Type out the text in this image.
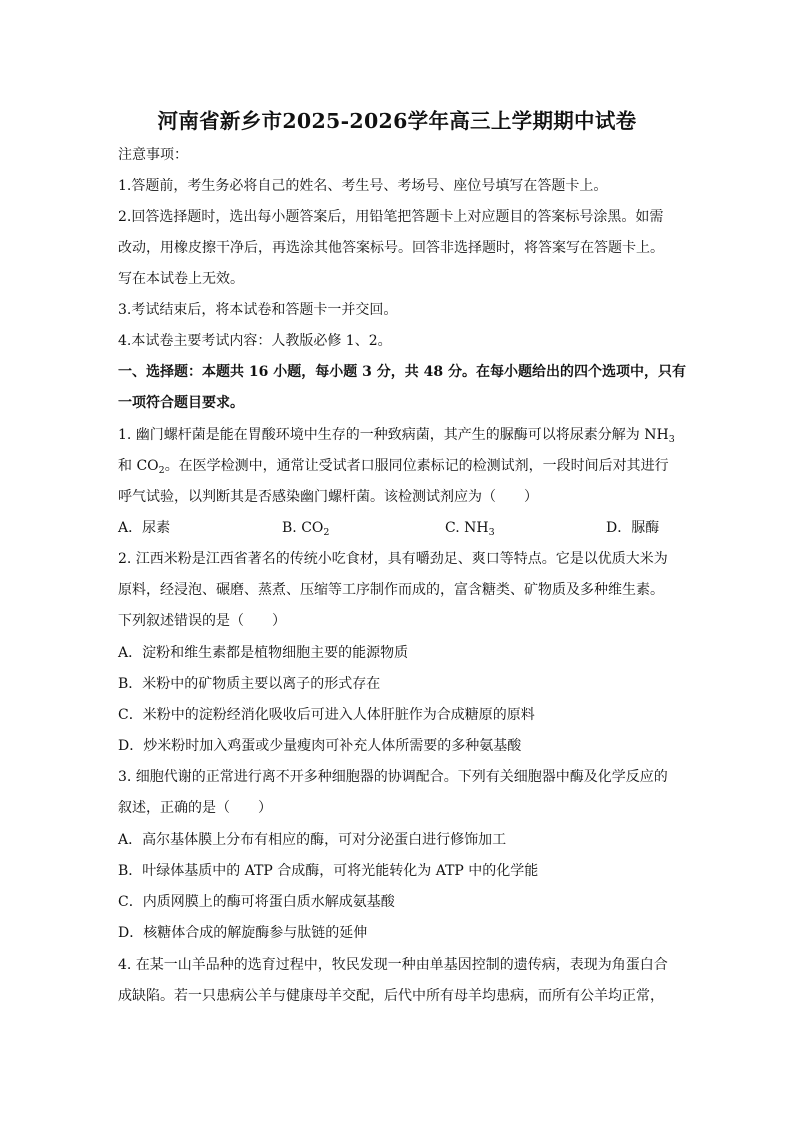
河南省新乡市2025-2026学年高三上学期期中试卷
注意事项：
1.答题前，考生务必将自己的姓名、考生号、考场号、座位号填写在答题卡上。
2.回答选择题时，选出每小题答案后，用铅笔把答题卡上对应题目的答案标号涂黑。如需
改动，用橡皮擦干净后，再选涂其他答案标号。回答非选择题时，将答案写在答题卡上。
写在本试卷上无效。
3.考试结束后，将本试卷和答题卡一并交回。
4.本试卷主要考试内容：人教版必修 1、2。
一、选择题：本题共 16 小题，每小题 3 分，共 48 分。在每小题给出的四个选项中，只有
一项符合题目要求。
1. 幽门螺杆菌是能在胃酸环境中生存的一种致病菌，其产生的脲酶可以将尿素分解为 $NH_3$
和 $CO_2$。在医学检测中，通常让受试者口服同位素标记的检测试剂，一段时间后对其进行
呼气试验，以判断其是否感染幽门螺杆菌。该检测试剂应为（　　）
A．尿素	B. $CO_2$	C. $NH_3$	D．脲酶
2. 江西米粉是江西省著名的传统小吃食材，具有嚼劲足、爽口等特点。它是以优质大米为
原料，经浸泡、碾磨、蒸煮、压缩等工序制作而成的，富含糖类、矿物质及多种维生素。
下列叙述错误的是（　　）
A．淀粉和维生素都是植物细胞主要的能源物质
B．米粉中的矿物质主要以离子的形式存在
C．米粉中的淀粉经消化吸收后可进入人体肝脏作为合成糖原的原料
D．炒米粉时加入鸡蛋或少量瘦肉可补充人体所需要的多种氨基酸
3. 细胞代谢的正常进行离不开多种细胞器的协调配合。下列有关细胞器中酶及化学反应的
叙述，正确的是（　　）
A．高尔基体膜上分布有相应的酶，可对分泌蛋白进行修饰加工
B．叶绿体基质中的 ATP 合成酶，可将光能转化为 ATP 中的化学能
C．内质网膜上的酶可将蛋白质水解成氨基酸
D．核糖体合成的解旋酶参与肽链的延伸
4. 在某一山羊品种的选育过程中，牧民发现一种由单基因控制的遗传病，表现为角蛋白合
成缺陷。若一只患病公羊与健康母羊交配，后代中所有母羊均患病，而所有公羊均正常，
